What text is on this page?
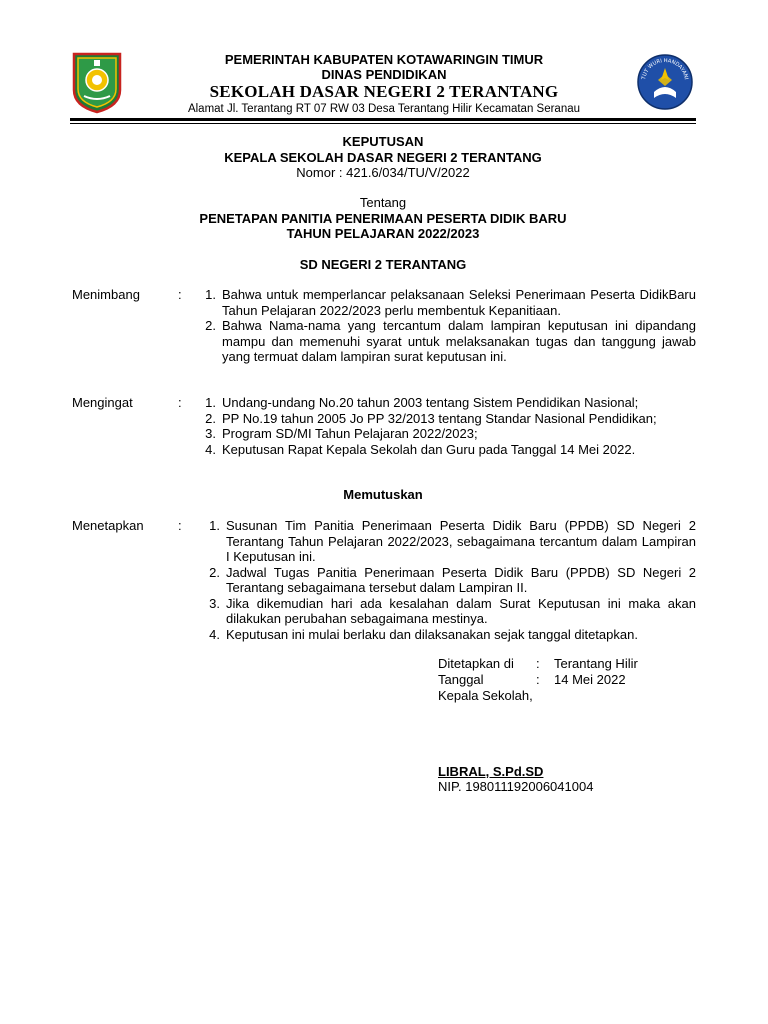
PEMERINTAH KABUPATEN KOTAWARINGIN TIMUR
DINAS PENDIDIKAN
SEKOLAH DASAR NEGERI 2 TERANTANG
Alamat Jl. Terantang RT 07 RW 03 Desa Terantang Hilir Kecamatan Seranau
TUT WURI HANDAYANI
KEPUTUSAN
KEPALA SEKOLAH DASAR NEGERI 2 TERANTANG
Nomor : 421.6/034/TU/V/2022
Tentang
PENETAPAN PANITIA PENERIMAAN PESERTA DIDIK BARU
TAHUN PELAJARAN 2022/2023
SD NEGERI 2 TERANTANG
Menimbang	:	1. Bahwa untuk memperlancar pelaksanaan Seleksi Penerimaan Peserta DidikBaru Tahun Pelajaran 2022/2023 perlu membentuk Kepanitiaan.
2. Bahwa Nama-nama yang tercantum dalam lampiran keputusan ini dipandang mampu dan memenuhi syarat untuk melaksanakan tugas dan tanggung jawab yang termuat dalam lampiran surat keputusan ini.
Mengingat	:	1. Undang-undang No.20 tahun 2003 tentang Sistem Pendidikan Nasional;
2. PP No.19 tahun 2005 Jo PP 32/2013 tentang Standar Nasional Pendidikan;
3. Program SD/MI Tahun Pelajaran 2022/2023;
4. Keputusan Rapat Kepala Sekolah dan Guru pada Tanggal 14 Mei 2022.
Memutuskan
Menetapkan	:	1. Susunan Tim Panitia Penerimaan Peserta Didik Baru (PPDB) SD Negeri 2 Terantang Tahun Pelajaran 2022/2023, sebagaimana tercantum dalam Lampiran I Keputusan ini.
2. Jadwal Tugas Panitia Penerimaan Peserta Didik Baru (PPDB) SD Negeri 2 Terantang sebagaimana tersebut dalam Lampiran II.
3. Jika dikemudian hari ada kesalahan dalam Surat Keputusan ini maka akan dilakukan perubahan sebagaimana mestinya.
4. Keputusan ini mulai berlaku dan dilaksanakan sejak tanggal ditetapkan.
Ditetapkan di : Terantang Hilir
Tanggal	: 14 Mei 2022
Kepala Sekolah,
LIBRAL, S.Pd.SD
NIP. 198011192006041004
